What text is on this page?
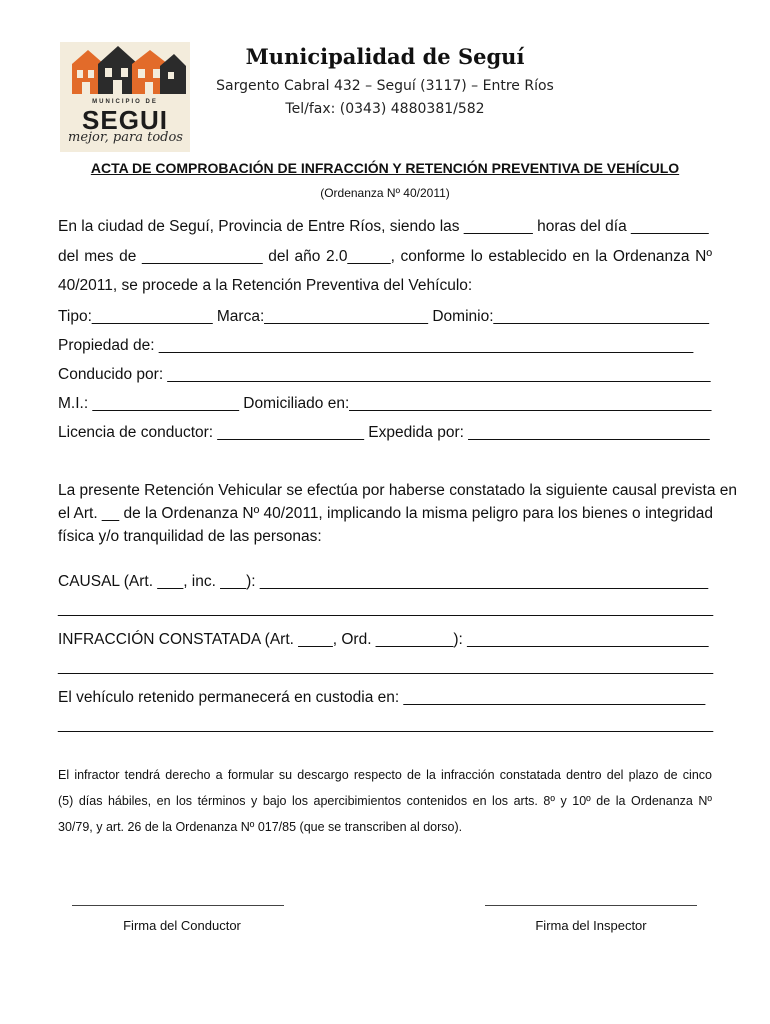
MUNICIPIO DE
SEGUI
mejor, para todos
Municipalidad de Seguí
Sargento Cabral 432 – Seguí (3117) – Entre Ríos
Tel/fax: (0343) 4880381/582
ACTA DE COMPROBACIÓN DE INFRACCIÓN Y RETENCIÓN PREVENTIVA DE VEHÍCULO
(Ordenanza Nº 40/2011)
En la ciudad de Seguí, Provincia de Entre Ríos, siendo las ________ horas del día _________
del mes de ______________ del año 2.0_____, conforme lo establecido en la Ordenanza Nº
40/2011, se procede a la Retención Preventiva del Vehículo:
Tipo:______________ Marca:___________________ Dominio:_________________________
Propiedad de: ______________________________________________________________
Conducido por: _______________________________________________________________
M.I.: _________________ Domiciliado en:__________________________________________
Licencia de conductor: _________________ Expedida por: ____________________________
La presente Retención Vehicular se efectúa por haberse constatado la siguiente causal prevista en
el Art. __ de la Ordenanza Nº 40/2011, implicando la misma peligro para los bienes o integridad
física y/o tranquilidad de las personas:
CAUSAL (Art. ___, inc. ___): ____________________________________________________
____________________________________________________________________________
INFRACCIÓN CONSTATADA (Art. ____, Ord. _________): ____________________________
____________________________________________________________________________
El vehículo retenido permanecerá en custodia en: ___________________________________
____________________________________________________________________________
El infractor tendrá derecho a formular su descargo respecto de la infracción constatada dentro del plazo de cinco
(5) días hábiles, en los términos y bajo los apercibimientos contenidos en los arts. 8º y 10º de la Ordenanza Nº
30/79, y art. 26 de la Ordenanza Nº 017/85 (que se transcriben al dorso).
Firma del Conductor	Firma del Inspector
